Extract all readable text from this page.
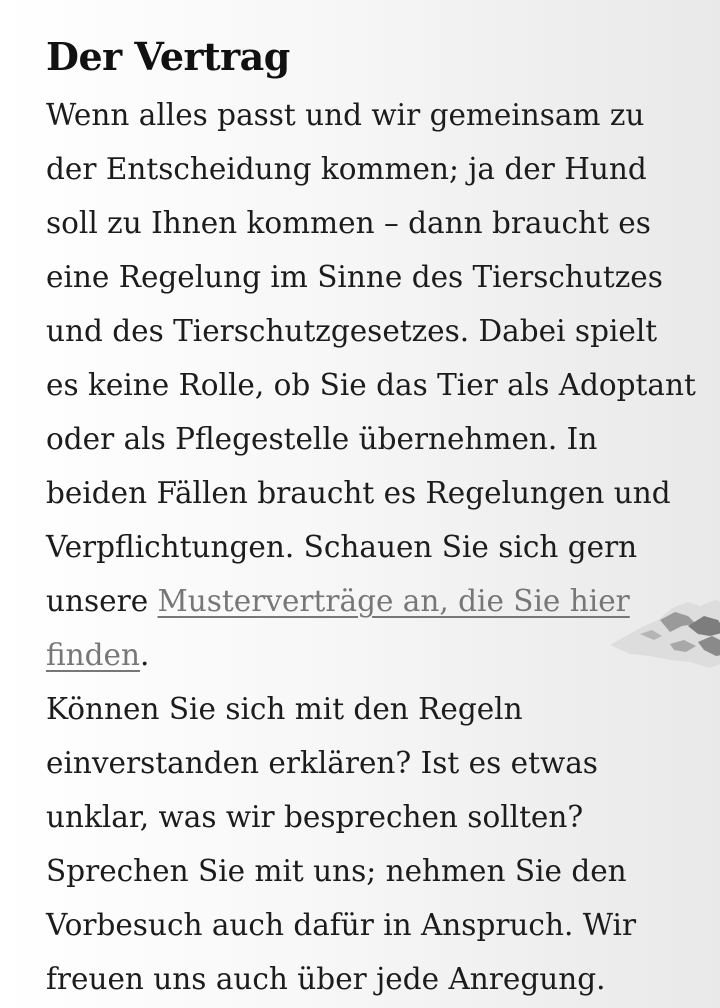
Der Vertrag

Wenn alles passt und wir gemeinsam zu
der Entscheidung kommen; ja der Hund
soll zu Ihnen kommen – dann braucht es
eine Regelung im Sinne des Tierschutzes
und des Tierschutzgesetzes. Dabei spielt
es keine Rolle, ob Sie das Tier als Adoptant
oder als Pflegestelle übernehmen. In
beiden Fällen braucht es Regelungen und
Verpflichtungen. Schauen Sie sich gern
unsere Musterverträge an, die Sie hier
finden.

Können Sie sich mit den Regeln
einverstanden erklären? Ist es etwas
unklar, was wir besprechen sollten?
Sprechen Sie mit uns; nehmen Sie den
Vorbesuch auch dafür in Anspruch. Wir
freuen uns auch über jede Anregung.
